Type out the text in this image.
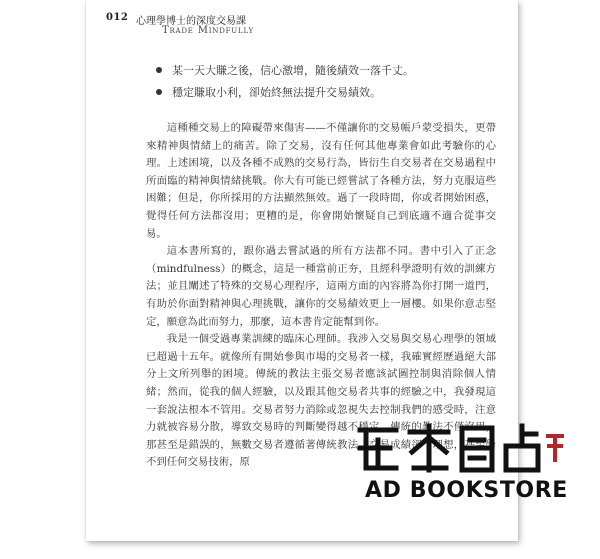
012 心理學博士的深度交易課
Trade Mindfully
某一天大賺之後，信心激增，隨後績效一落千丈。
穩定賺取小利，卻始終無法提升交易績效。

這種種交易上的障礙帶來傷害——不僅讓你的交易帳戶蒙受損失，更帶來精神與情緒上的痛苦。除了交易，沒有任何其他專業會如此考驗你的心理。上述困境，以及各種不成熟的交易行為，皆衍生自交易者在交易過程中所面臨的精神與情緒挑戰。你大有可能已經嘗試了各種方法，努力克服這些困難；但是，你所採用的方法顯然無效。過了一段時間，你或者開始困惑，覺得任何方法都沒用；更糟的是，你會開始懷疑自己到底適不適合從事交易。

這本書所寫的，跟你過去嘗試過的所有方法都不同。書中引入了正念（mindfulness）的概念，這是一種當前正夯，且經科學證明有效的訓練方法；並且闡述了特殊的交易心理程序，這兩方面的內容將為你打開一道門，有助於你面對精神與心理挑戰，讓你的交易績效更上一層樓。如果你意志堅定，願意為此而努力，那麼，這本書肯定能幫到你。

我是一個受過專業訓練的臨床心理師。我涉入交易與交易心理學的領域已超過十五年。就像所有開始參與市場的交易者一樣，我確實經歷過絕大部分上文所列舉的困境。傳統的教法主張交易者應該試圖控制與消除個人情緒；然而，從我的個人經驗，以及跟其他交易者共事的經驗之中，我發現這一套說法根本不管用。交易者努力消除或忽視失去控制我們的感受時，注意力就被容易分散，導致交易時的判斷變得越不穩定。傳統的教法不僅沒用，那甚至是錯誤的，無數交易者遵循著傳統教法，交易成績卻不理想，甚至學不到任何交易技術，原

AD BOOKSTORE
